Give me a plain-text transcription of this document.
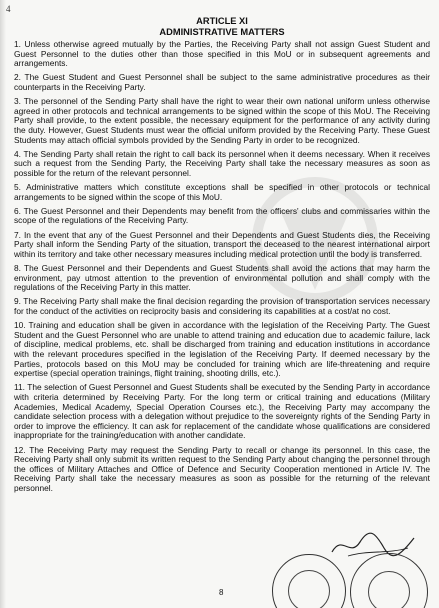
4

ARTICLE XI

ADMINISTRATIVE MATTERS

1. Unless otherwise agreed mutually by the Parties, the Receiving Party shall not assign Guest Student and Guest Personnel to the duties other than those specified in this MoU or in subsequent agreements and arrangements.

2. The Guest Student and Guest Personnel shall be subject to the same administrative procedures as their counterparts in the Receiving Party.

3. The personnel of the Sending Party shall have the right to wear their own national uniform unless otherwise agreed in other protocols and technical arrangements to be signed within the scope of this MoU. The Receiving Party shall provide, to the extent possible, the necessary equipment for the performance of any activity during the duty. However, Guest Students must wear the official uniform provided by the Receiving Party. These Guest Students may attach official symbols provided by the Sending Party in order to be recognized.

4. The Sending Party shall retain the right to call back its personnel when it deems necessary. When it receives such a request from the Sending Party, the Receiving Party shall take the necessary measures as soon as possible for the return of the relevant personnel.

5. Administrative matters which constitute exceptions shall be specified in other protocols or technical arrangements to be signed within the scope of this MoU.

6. The Guest Personnel and their Dependents may benefit from the officers' clubs and commissaries within the scope of the regulations of the Receiving Party.

7. In the event that any of the Guest Personnel and their Dependents and Guest Students dies, the Receiving Party shall inform the Sending Party of the situation, transport the deceased to the nearest international airport within its territory and take other necessary measures including medical protection until the body is transferred.

8. The Guest Personnel and their Dependents and Guest Students shall avoid the actions that may harm the environment, pay utmost attention to the prevention of environmental pollution and shall comply with the regulations of the Receiving Party in this matter.

9. The Receiving Party shall make the final decision regarding the provision of transportation services necessary for the conduct of the activities on reciprocity basis and considering its capabilities at a cost/at no cost.

10. Training and education shall be given in accordance with the legislation of the Receiving Party. The Guest Student and the Guest Personnel who are unable to attend training and education due to academic failure, lack of discipline, medical problems, etc. shall be discharged from training and education institutions in accordance with the relevant procedures specified in the legislation of the Receiving Party. If deemed necessary by the Parties, protocols based on this MoU may be concluded for training which are life-threatening and require expertise (special operation trainings, flight training, shooting drills, etc.).

11. The selection of Guest Personnel and Guest Students shall be executed by the Sending Party in accordance with criteria determined by Receiving Party. For the long term or critical training and educations (Military Academies, Medical Academy, Special Operation Courses etc.), the Receiving Party may accompany the candidate selection process with a delegation without prejudice to the sovereignty rights of the Sending Party in order to improve the efficiency. It can ask for replacement of the candidate whose qualifications are considered inappropriate for the training/education with another candidate.

12. The Receiving Party may request the Sending Party to recall or change its personnel. In this case, the Receiving Party shall only submit its written request to the Sending Party about changing the personnel through the offices of Military Attaches and Office of Defence and Security Cooperation mentioned in Article IV. The Receiving Party shall take the necessary measures as soon as possible for the returning of the relevant personnel.

8
